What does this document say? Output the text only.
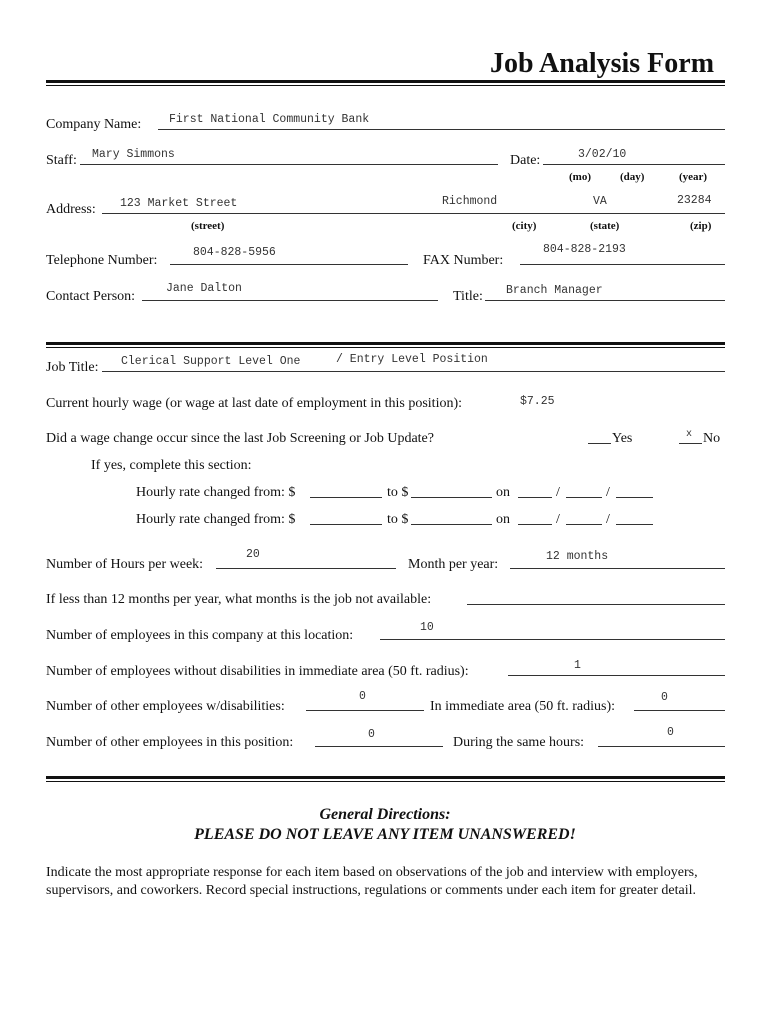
Job Analysis Form
Company Name: First National Community Bank
Staff: Mary Simmons	Date:	3/02/10
(mo)	(day)	(year)
Address: 123 Market Street	Richmond	VA	23284
(street)	(city)	(state)	(zip)
Telephone Number:
804-828-5956
FAX Number:
804-828-2193
Contact Person:
Jane Dalton
Title: Branch Manager
Job Title: Clerical Support Level One	/ Entry Level Position
Current hourly wage (or wage at last date of employment in this position):	$7.25
Did a wage change occur since the last Job Screening or Job Update?	Yes	x No
If yes, complete this section:
Hourly rate changed from: $	to $	on	/	/
Hourly rate changed from: $	to $	on	/	/
Number of Hours per week:
20
Month per year:
12 months
If less than 12 months per year, what months is the job not available:
Number of employees in this company at this location:
10
Number of employees without disabilities in immediate area (50 ft. radius):	1
Number of other employees w/disabilities:
0
In immediate area (50 ft. radius):
0
Number of other employees in this position:
0
During the same hours:
0
General Directions:
PLEASE DO NOT LEAVE ANY ITEM UNANSWERED!
Indicate the most appropriate response for each item based on observations of the job and interview with employers, supervisors, and coworkers. Record special instructions, regulations or comments under each item for greater detail.
